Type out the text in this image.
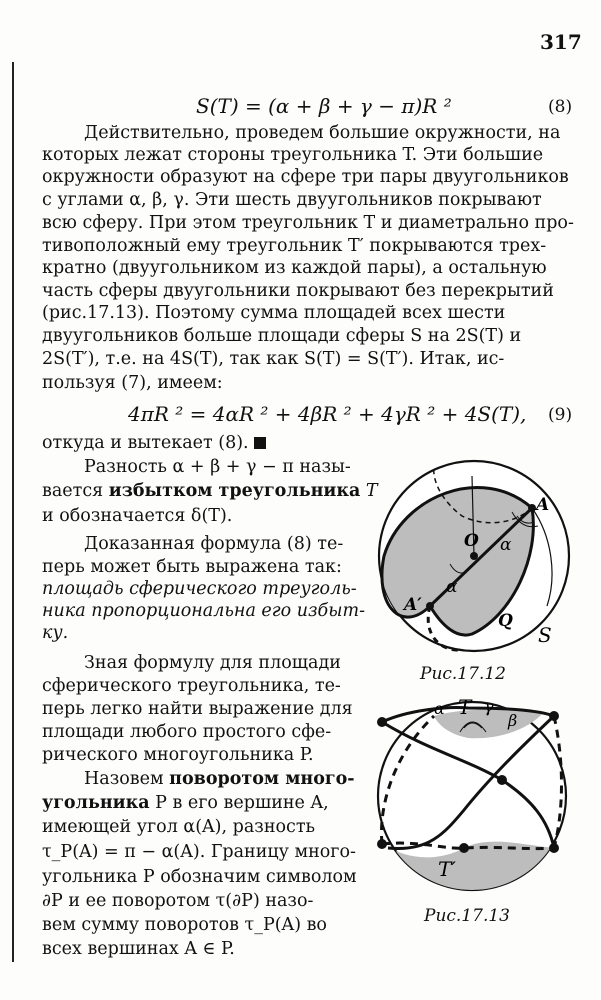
317
S(T) = (α + β + γ − π)R ²	(8)
Действительно, проведем большие окружности, на
которых лежат стороны треугольника T. Эти большие
окружности образуют на сфере три пары двуугольников
с углами α, β, γ. Эти шесть двуугольников покрывают
всю сферу. При этом треугольник T и диаметрально про-
тивоположный ему треугольник T′ покрываются трех-
кратно (двуугольником из каждой пары), а остальную
часть сферы двуугольники покрывают без перекрытий
(рис.17.13). Поэтому сумма площадей всех шести
двуугольников больше площади сферы S на 2S(T) и
2S(T′), т.е. на 4S(T), так как S(T) = S(T′). Итак, ис-
пользуя (7), имеем:
4πR ² = 4αR ² + 4βR ² + 4γR ² + 4S(T), (9)
откуда и вытекает (8).
Разность α + β + γ − π назы-
вается избытком треугольника T
и обозначается δ(T).
Доказанная формула (8) те-
перь может быть выражена так:
площадь сферического треуголь-
ника пропорциональна его избыт-
ку.
Зная формулу для площади
сферического треугольника, те-
перь легко найти выражение для
площади любого простого сфе-
рического многоугольника P.
Назовем поворотом много-
угольника P в его вершине A,
имеющей угол α(A), разность
τ_P(A) = π − α(A). Границу много-
угольника P обозначим символом
∂P и ее поворотом τ(∂P) назо-
вем сумму поворотов τ_P(A) во
всех вершинах A ∈ P.
O
A
A′
α
α
Q
S
Рис.17.12
α T γ
β
T′
Рис.17.13
